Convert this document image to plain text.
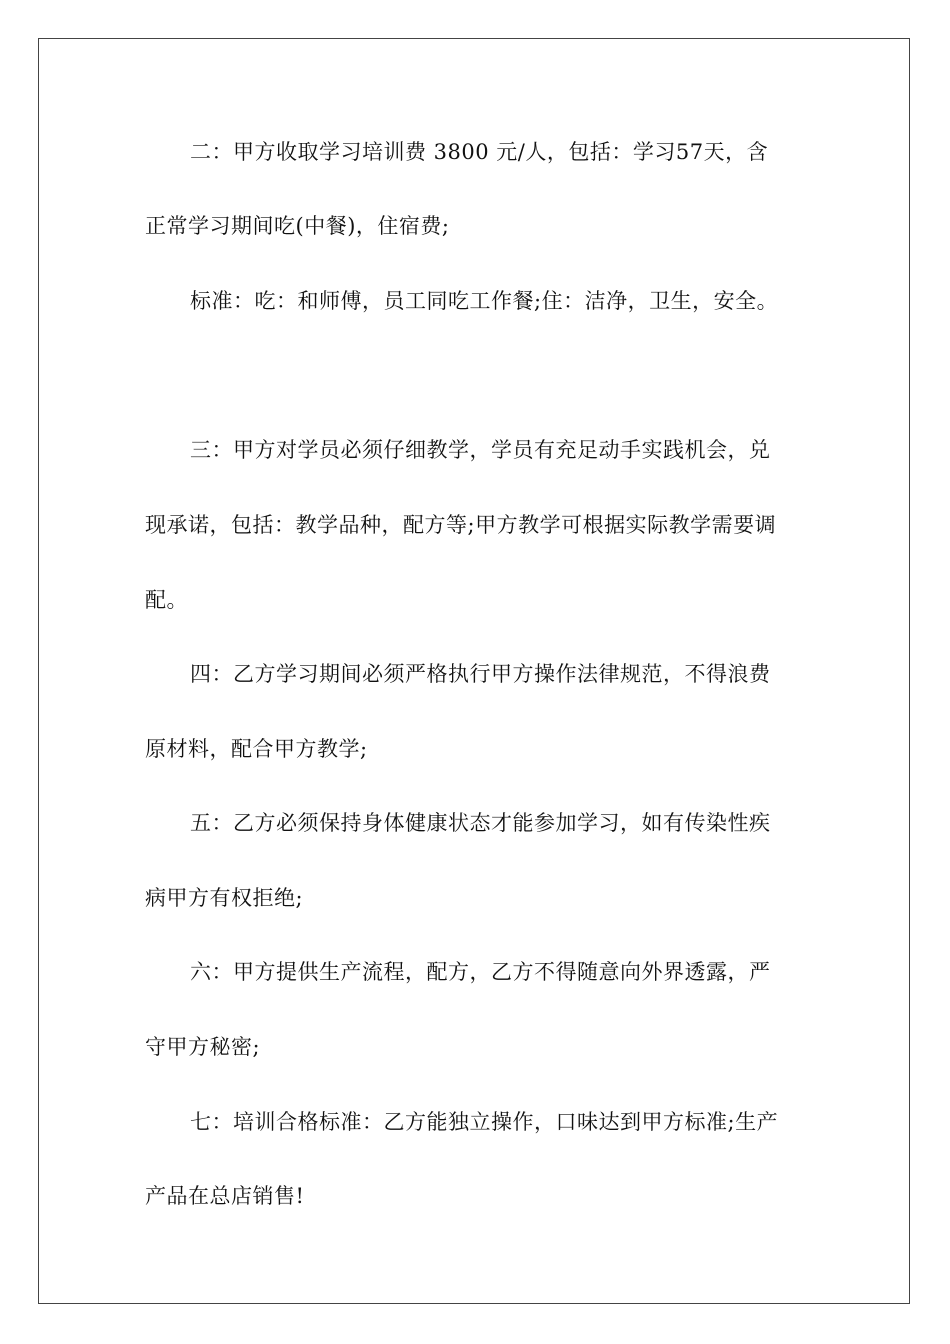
二：甲方收取学习培训费 3800 元/人，包括：学习57天，含
正常学习期间吃(中餐)，住宿费;
标准：吃：和师傅，员工同吃工作餐;住：洁净，卫生，安全。
三：甲方对学员必须仔细教学，学员有充足动手实践机会，兑
现承诺，包括：教学品种，配方等;甲方教学可根据实际教学需要调
配。
四：乙方学习期间必须严格执行甲方操作法律规范，不得浪费
原材料，配合甲方教学;
五：乙方必须保持身体健康状态才能参加学习，如有传染性疾
病甲方有权拒绝;
六：甲方提供生产流程，配方，乙方不得随意向外界透露，严
守甲方秘密;
七：培训合格标准：乙方能独立操作，口味达到甲方标准;生产
产品在总店销售!
